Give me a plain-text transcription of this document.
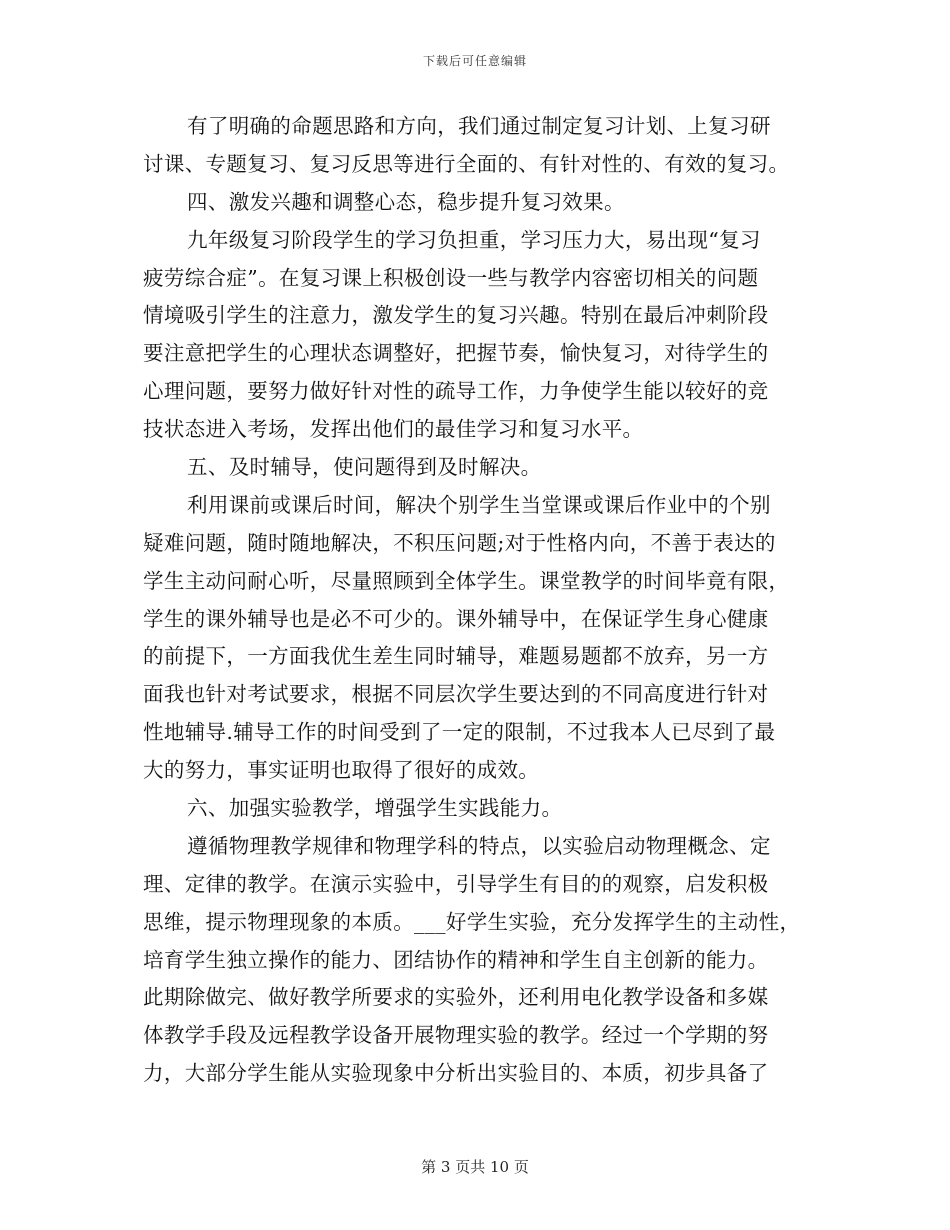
下载后可任意编辑
有了明确的命题思路和方向，我们通过制定复习计划、上复习研
讨课、专题复习、复习反思等进行全面的、有针对性的、有效的复习。
四、激发兴趣和调整心态，稳步提升复习效果。
九年级复习阶段学生的学习负担重，学习压力大，易出现“复习
疲劳综合症”。在复习课上积极创设一些与教学内容密切相关的问题
情境吸引学生的注意力，激发学生的复习兴趣。特别在最后冲刺阶段
要注意把学生的心理状态调整好，把握节奏，愉快复习，对待学生的
心理问题，要努力做好针对性的疏导工作，力争使学生能以较好的竞
技状态进入考场，发挥出他们的最佳学习和复习水平。
五、及时辅导，使问题得到及时解决。
利用课前或课后时间，解决个别学生当堂课或课后作业中的个别
疑难问题，随时随地解决，不积压问题;对于性格内向，不善于表达的
学生主动问耐心听，尽量照顾到全体学生。课堂教学的时间毕竟有限，
学生的课外辅导也是必不可少的。课外辅导中，在保证学生身心健康
的前提下，一方面我优生差生同时辅导，难题易题都不放弃，另一方
面我也针对考试要求，根据不同层次学生要达到的不同高度进行针对
性地辅导.辅导工作的时间受到了一定的限制，不过我本人已尽到了最
大的努力，事实证明也取得了很好的成效。
六、加强实验教学，增强学生实践能力。
遵循物理教学规律和物理学科的特点，以实验启动物理概念、定
理、定律的教学。在演示实验中，引导学生有目的的观察，启发积极
思维，提示物理现象的本质。___好学生实验，充分发挥学生的主动性，
培育学生独立操作的能力、团结协作的精神和学生自主创新的能力。
此期除做完、做好教学所要求的实验外，还利用电化教学设备和多媒
体教学手段及远程教学设备开展物理实验的教学。经过一个学期的努
力，大部分学生能从实验现象中分析出实验目的、本质，初步具备了
第 3 页共 10 页
